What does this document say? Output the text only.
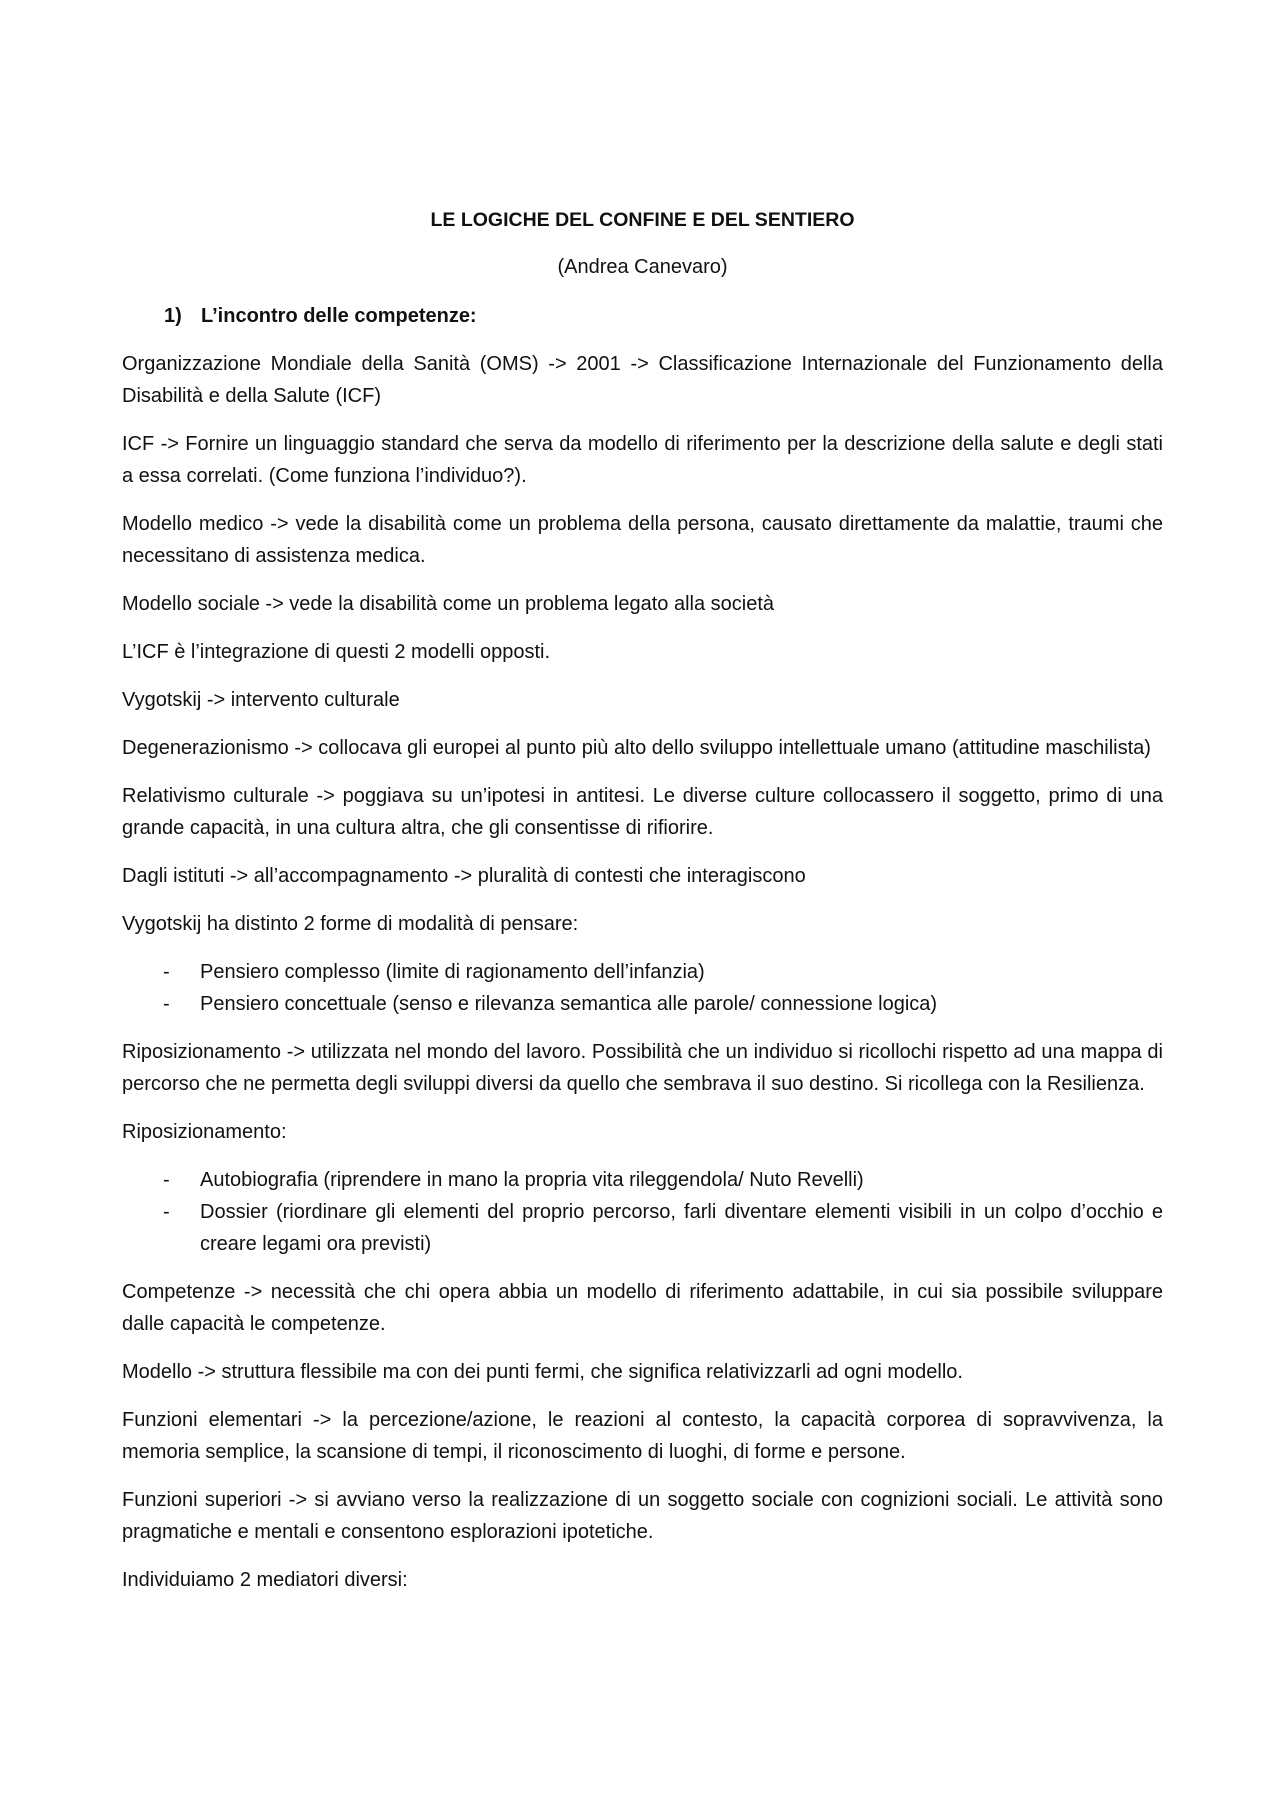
LE LOGICHE DEL CONFINE E DEL SENTIERO
(Andrea Canevaro)
1) L’incontro delle competenze:

Organizzazione Mondiale della Sanità (OMS) -> 2001 -> Classificazione Internazionale del Funzionamento della Disabilità e della Salute (ICF)

ICF -> Fornire un linguaggio standard che serva da modello di riferimento per la descrizione della salute e degli stati a essa correlati. (Come funziona l’individuo?).

Modello medico -> vede la disabilità come un problema della persona, causato direttamente da malattie, traumi che necessitano di assistenza medica.

Modello sociale -> vede la disabilità come un problema legato alla società

L’ICF è l’integrazione di questi 2 modelli opposti.

Vygotskij -> intervento culturale

Degenerazionismo -> collocava gli europei al punto più alto dello sviluppo intellettuale umano (attitudine maschilista)

Relativismo culturale -> poggiava su un’ipotesi in antitesi. Le diverse culture collocassero il soggetto, primo di una grande capacità, in una cultura altra, che gli consentisse di rifiorire.

Dagli istituti -> all’accompagnamento -> pluralità di contesti che interagiscono

Vygotskij ha distinto 2 forme di modalità di pensare:

-	Pensiero complesso (limite di ragionamento dell’infanzia)
-	Pensiero concettuale (senso e rilevanza semantica alle parole/ connessione logica)

Riposizionamento -> utilizzata nel mondo del lavoro. Possibilità che un individuo si ricollochi rispetto ad una mappa di percorso che ne permetta degli sviluppi diversi da quello che sembrava il suo destino. Si ricollega con la Resilienza.

Riposizionamento:

-	Autobiografia (riprendere in mano la propria vita rileggendola/ Nuto Revelli)
-	Dossier (riordinare gli elementi del proprio percorso, farli diventare elementi visibili in un colpo d’occhio e creare legami ora previsti)

Competenze -> necessità che chi opera abbia un modello di riferimento adattabile, in cui sia possibile sviluppare dalle capacità le competenze.

Modello -> struttura flessibile ma con dei punti fermi, che significa relativizzarli ad ogni modello.

Funzioni elementari -> la percezione/azione, le reazioni al contesto, la capacità corporea di sopravvivenza, la memoria semplice, la scansione di tempi, il riconoscimento di luoghi, di forme e persone.

Funzioni superiori -> si avviano verso la realizzazione di un soggetto sociale con cognizioni sociali. Le attività sono pragmatiche e mentali e consentono esplorazioni ipotetiche.

Individuiamo 2 mediatori diversi:
